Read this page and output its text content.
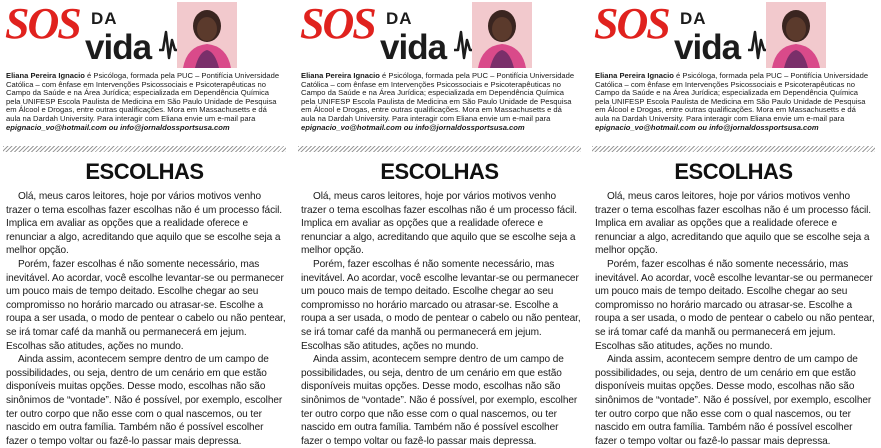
SOS DA
vida
Eliana Pereira Ignacio é Psicóloga, formada pela PUC – Pontifícia Universidade Católica – com ênfase em Intervenções Psicossociais e Psicoterapêuticas no Campo da Saúde e na Área Jurídica; especializada em Dependência Química pela UNIFESP Escola Paulista de Medicina em São Paulo Unidade de Pesquisa em Álcool e Drogas, entre outras qualificações. Mora em Massachusetts e dá aula na Dardah University. Para interagir com Eliana envie um e-mail para epignacio_vo@hotmail.com ou info@jornaldossportsusa.com
ESCOLHAS

Olá, meus caros leitores, hoje por vários motivos venho trazer o tema escolhas fazer escolhas não é um processo fácil. Implica em avaliar as opções que a realidade oferece e renunciar a algo, acreditando que aquilo que se escolhe seja a melhor opção.

Porém, fazer escolhas é não somente necessário, mas inevitável. Ao acordar, você escolhe levantar-se ou permanecer um pouco mais de tempo deitado. Escolhe chegar ao seu compromisso no horário marcado ou atrasar-se. Escolhe a roupa a ser usada, o modo de pentear o cabelo ou não pentear, se irá tomar café da manhã ou permanecerá em jejum. Escolhas são atitudes, ações no mundo.

Ainda assim, acontecem sempre dentro de um campo de possibilidades, ou seja, dentro de um cenário em que estão disponíveis muitas opções. Desse modo, escolhas não são sinônimos de “vontade”. Não é possível, por exemplo, escolher ter outro corpo que não esse com o qual nascemos, ou ter nascido em outra família. Também não é possível escolher fazer o tempo voltar ou fazê-lo passar mais depressa.

SOS DA
vida
Eliana Pereira Ignacio é Psicóloga, formada pela PUC – Pontifícia Universidade Católica – com ênfase em Intervenções Psicossociais e Psicoterapêuticas no Campo da Saúde e na Área Jurídica; especializada em Dependência Química pela UNIFESP Escola Paulista de Medicina em São Paulo Unidade de Pesquisa em Álcool e Drogas, entre outras qualificações. Mora em Massachusetts e dá aula na Dardah University. Para interagir com Eliana envie um e-mail para epignacio_vo@hotmail.com ou info@jornaldossportsusa.com
ESCOLHAS

Olá, meus caros leitores, hoje por vários motivos venho trazer o tema escolhas fazer escolhas não é um processo fácil. Implica em avaliar as opções que a realidade oferece e renunciar a algo, acreditando que aquilo que se escolhe seja a melhor opção.

Porém, fazer escolhas é não somente necessário, mas inevitável. Ao acordar, você escolhe levantar-se ou permanecer um pouco mais de tempo deitado. Escolhe chegar ao seu compromisso no horário marcado ou atrasar-se. Escolhe a roupa a ser usada, o modo de pentear o cabelo ou não pentear, se irá tomar café da manhã ou permanecerá em jejum. Escolhas são atitudes, ações no mundo.

Ainda assim, acontecem sempre dentro de um campo de possibilidades, ou seja, dentro de um cenário em que estão disponíveis muitas opções. Desse modo, escolhas não são sinônimos de “vontade”. Não é possível, por exemplo, escolher ter outro corpo que não esse com o qual nascemos, ou ter nascido em outra família. Também não é possível escolher fazer o tempo voltar ou fazê-lo passar mais depressa.

SOS DA
vida
Eliana Pereira Ignacio é Psicóloga, formada pela PUC – Pontifícia Universidade Católica – com ênfase em Intervenções Psicossociais e Psicoterapêuticas no Campo da Saúde e na Área Jurídica; especializada em Dependência Química pela UNIFESP Escola Paulista de Medicina em São Paulo Unidade de Pesquisa em Álcool e Drogas, entre outras qualificações. Mora em Massachusetts e dá aula na Dardah University. Para interagir com Eliana envie um e-mail para epignacio_vo@hotmail.com ou info@jornaldossportsusa.com
ESCOLHAS

Olá, meus caros leitores, hoje por vários motivos venho trazer o tema escolhas fazer escolhas não é um processo fácil. Implica em avaliar as opções que a realidade oferece e renunciar a algo, acreditando que aquilo que se escolhe seja a melhor opção.

Porém, fazer escolhas é não somente necessário, mas inevitável. Ao acordar, você escolhe levantar-se ou permanecer um pouco mais de tempo deitado. Escolhe chegar ao seu compromisso no horário marcado ou atrasar-se. Escolhe a roupa a ser usada, o modo de pentear o cabelo ou não pentear, se irá tomar café da manhã ou permanecerá em jejum. Escolhas são atitudes, ações no mundo.

Ainda assim, acontecem sempre dentro de um campo de possibilidades, ou seja, dentro de um cenário em que estão disponíveis muitas opções. Desse modo, escolhas não são sinônimos de “vontade”. Não é possível, por exemplo, escolher ter outro corpo que não esse com o qual nascemos, ou ter nascido em outra família. Também não é possível escolher fazer o tempo voltar ou fazê-lo passar mais depressa.
